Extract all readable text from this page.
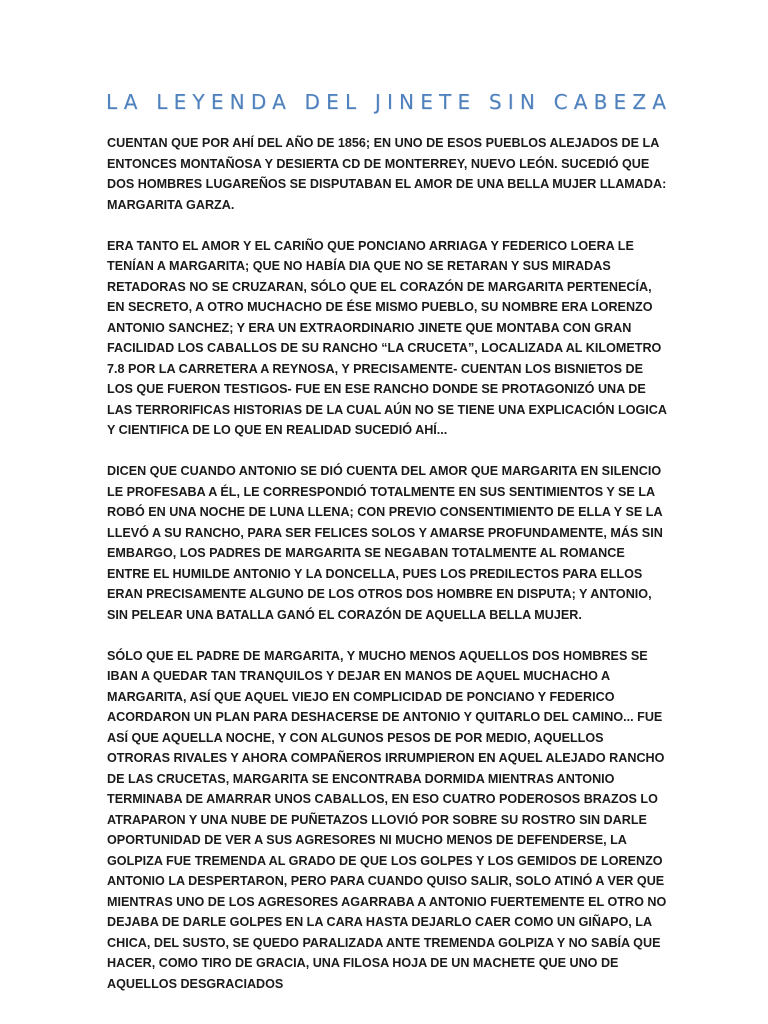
LA LEYENDA DEL JINETE SIN CABEZA

CUENTAN QUE POR AHÍ DEL AÑO DE 1856; EN UNO DE ESOS PUEBLOS ALEJADOS DE LA ENTONCES MONTAÑOSA Y DESIERTA CD DE MONTERREY, NUEVO LEÓN. SUCEDIÓ QUE DOS HOMBRES LUGAREÑOS SE DISPUTABAN EL AMOR DE UNA BELLA MUJER LLAMADA: MARGARITA GARZA.

ERA TANTO EL AMOR Y EL CARIÑO QUE PONCIANO ARRIAGA Y FEDERICO LOERA LE TENÍAN A MARGARITA; QUE NO HABÍA DIA QUE NO SE RETARAN Y SUS MIRADAS RETADORAS NO SE CRUZARAN, SÓLO QUE EL CORAZÓN DE MARGARITA PERTENECÍA, EN SECRETO, A OTRO MUCHACHO DE ÉSE MISMO PUEBLO, SU NOMBRE ERA LORENZO ANTONIO SANCHEZ; Y ERA UN EXTRAORDINARIO JINETE QUE MONTABA CON GRAN FACILIDAD LOS CABALLOS DE SU RANCHO “LA CRUCETA”, LOCALIZADA AL KILOMETRO 7.8 POR LA CARRETERA A REYNOSA, Y PRECISAMENTE- CUENTAN LOS BISNIETOS DE LOS QUE FUERON TESTIGOS- FUE EN ESE RANCHO DONDE SE PROTAGONIZÓ UNA DE LAS TERRORIFICAS HISTORIAS DE LA CUAL AÚN NO SE TIENE UNA EXPLICACIÓN LOGICA Y CIENTIFICA DE LO QUE EN REALIDAD SUCEDIÓ AHÍ...

DICEN QUE CUANDO ANTONIO SE DIÓ CUENTA DEL AMOR QUE MARGARITA EN SILENCIO LE PROFESABA A ÉL, LE CORRESPONDIÓ TOTALMENTE EN SUS SENTIMIENTOS Y SE LA ROBÓ EN UNA NOCHE DE LUNA LLENA; CON PREVIO CONSENTIMIENTO DE ELLA Y SE LA LLEVÓ A SU RANCHO, PARA SER FELICES SOLOS Y AMARSE PROFUNDAMENTE, MÁS SIN EMBARGO, LOS PADRES DE MARGARITA SE NEGABAN TOTALMENTE AL ROMANCE ENTRE EL HUMILDE ANTONIO Y LA DONCELLA, PUES LOS PREDILECTOS PARA ELLOS ERAN PRECISAMENTE ALGUNO DE LOS OTROS DOS HOMBRE EN DISPUTA; Y ANTONIO, SIN PELEAR UNA BATALLA GANÓ EL CORAZÓN DE AQUELLA BELLA MUJER.

SÓLO QUE EL PADRE DE MARGARITA, Y MUCHO MENOS AQUELLOS DOS HOMBRES SE IBAN A QUEDAR TAN TRANQUILOS Y DEJAR EN MANOS DE AQUEL MUCHACHO A MARGARITA, ASÍ QUE AQUEL VIEJO EN COMPLICIDAD DE PONCIANO Y FEDERICO ACORDARON UN PLAN PARA DESHACERSE DE ANTONIO Y QUITARLO DEL CAMINO... FUE ASÍ QUE AQUELLA NOCHE, Y CON ALGUNOS PESOS DE POR MEDIO, AQUELLOS OTRORAS RIVALES Y AHORA COMPAÑEROS IRRUMPIERON EN AQUEL ALEJADO RANCHO DE LAS CRUCETAS, MARGARITA SE ENCONTRABA DORMIDA MIENTRAS ANTONIO TERMINABA DE AMARRAR UNOS CABALLOS, EN ESO CUATRO PODEROSOS BRAZOS LO ATRAPARON Y UNA NUBE DE PUÑETAZOS LLOVIÓ POR SOBRE SU ROSTRO SIN DARLE OPORTUNIDAD DE VER A SUS AGRESORES NI MUCHO MENOS DE DEFENDERSE, LA GOLPIZA FUE TREMENDA AL GRADO DE QUE LOS GOLPES Y LOS GEMIDOS DE LORENZO ANTONIO LA DESPERTARON, PERO PARA CUANDO QUISO SALIR, SOLO ATINÓ A VER QUE MIENTRAS UNO DE LOS AGRESORES AGARRABA A ANTONIO FUERTEMENTE EL OTRO NO DEJABA DE DARLE GOLPES EN LA CARA HASTA DEJARLO CAER COMO UN GIÑAPO, LA CHICA, DEL SUSTO, SE QUEDO PARALIZADA ANTE TREMENDA GOLPIZA Y NO SABÍA QUE HACER, COMO TIRO DE GRACIA, UNA FILOSA HOJA DE UN MACHETE QUE UNO DE AQUELLOS DESGRACIADOS
